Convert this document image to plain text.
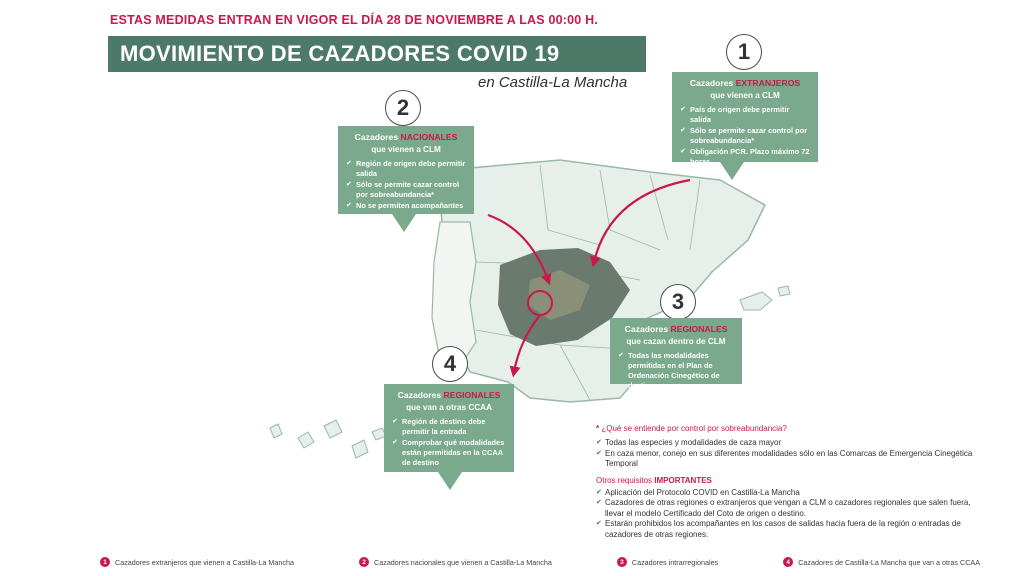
ESTAS MEDIDAS ENTRAN EN VIGOR EL DÍA 28 DE NOVIEMBRE A LAS 00:00 H.
MOVIMIENTO DE CAZADORES COVID 19
en Castilla-La Mancha
1
Cazadores EXTRANJEROS
que vienen a CLM
✔ País de origen debe permitir salida
✔ Sólo se permite cazar control por sobreabundancia*
✔ Obligación PCR. Plazo máximo 72 horas
2
Cazadores NACIONALES
que vienen a CLM
✔ Región de origen debe permitir salida
✔ Sólo se permite cazar control por sobreabundancia*
✔ No se permiten acompañantes
3
Cazadores REGIONALES
que cazan dentro de CLM
✔ Todas las modalidades permitidas en el Plan de Ordenación Cinegético de destino
4
Cazadores REGIONALES
que van a otras CCAA
✔ Región de destino debe permitir la entrada
✔ Comprobar qué modalidades están permitidas en la CCAA de destino
* ¿Qué se entiende por control por sobreabundancia?
✔ Todas las especies y modalidades de caza mayor
✔ En caza menor, conejo en sus diferentes modalidades sólo en las Comarcas de Emergencia Cinegética Temporal
Otros requisitos IMPORTANTES
✔ Aplicación del Protocolo COVID en Castilla-La Mancha
✔ Cazadores de otras regiones o extranjeros que vengan a CLM o cazadores regionales que salen fuera, llevar el modelo Certificado del Coto de origen o destino.
✔ Estarán prohibidos los acompañantes en los casos de salidas hacia fuera de la región o entradas de cazadores de otras regiones.
1	Cazadores extranjeros que vienen a Castilla-La Mancha	2	Cazadores nacionales que vienen a Castilla-La Mancha	3	Cazadores intrarregionales	4	Cazadores de Castilla-La Mancha que van a otras CCAA
